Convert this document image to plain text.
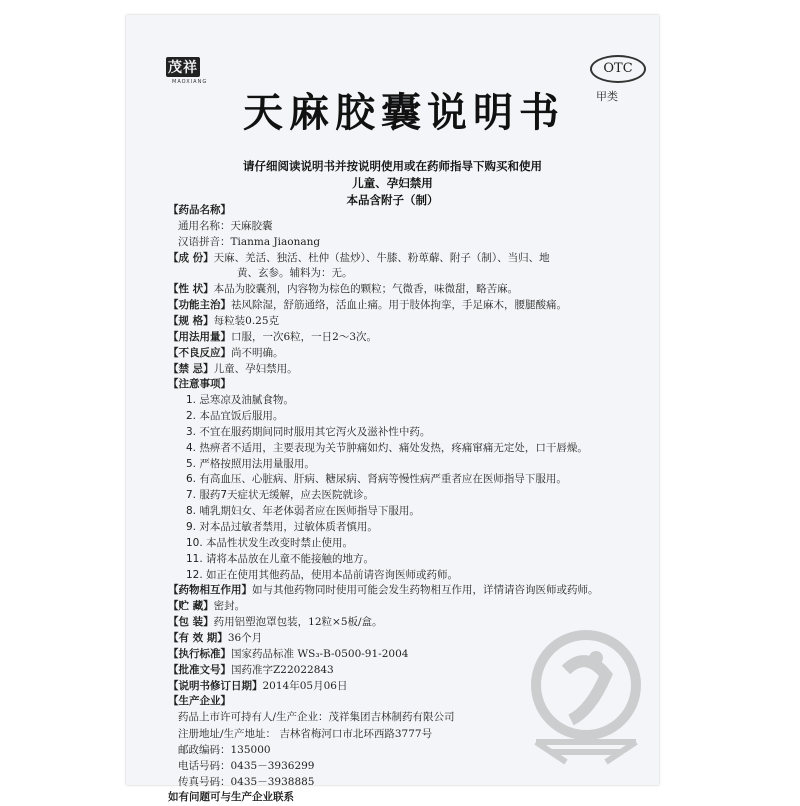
茂祥
MAOXIANG
OTC
甲类
天麻胶囊说明书
请仔细阅读说明书并按说明使用或在药师指导下购买和使用
儿童、孕妇禁用
本品含附子（制）
【药品名称】
通用名称：天麻胶囊
汉语拼音：Tianma Jiaonang
【成 份】天麻、羌活、独活、杜仲（盐炒）、牛膝、粉萆薢、附子（制）、当归、地
黄、玄参。辅料为：无。
【性 状】本品为胶囊剂，内容物为棕色的颗粒；气微香，味微甜，略苦麻。
【功能主治】祛风除湿，舒筋通络，活血止痛。用于肢体拘挛，手足麻木，腰腿酸痛。
【规 格】每粒装0.25克
【用法用量】口服，一次6粒，一日2～3次。
【不良反应】尚不明确。
【禁 忌】儿童、孕妇禁用。
【注意事项】
1. 忌寒凉及油腻食物。
2. 本品宜饭后服用。
3. 不宜在服药期间同时服用其它泻火及滋补性中药。
4. 热痹者不适用，主要表现为关节肿痛如灼、痛处发热，疼痛窜痛无定处，口干唇燥。
5. 严格按照用法用量服用。
6. 有高血压、心脏病、肝病、糖尿病、肾病等慢性病严重者应在医师指导下服用。
7. 服药7天症状无缓解，应去医院就诊。
8. 哺乳期妇女、年老体弱者应在医师指导下服用。
9. 对本品过敏者禁用，过敏体质者慎用。
10. 本品性状发生改变时禁止使用。
11. 请将本品放在儿童不能接触的地方。
12. 如正在使用其他药品，使用本品前请咨询医师或药师。
【药物相互作用】如与其他药物同时使用可能会发生药物相互作用，详情请咨询医师或药师。
【贮 藏】密封。
【包 装】药用铝塑泡罩包装，12粒×5板/盒。
【有 效 期】36个月
【执行标准】国家药品标准 WS₃-B-0500-91-2004
【批准文号】国药准字Z22022843
【说明书修订日期】2014年05月06日
【生产企业】
药品上市许可持有人/生产企业：茂祥集团吉林制药有限公司
注册地址/生产地址： 吉林省梅河口市北环西路3777号
邮政编码：135000
电话号码：0435－3936299
传真号码：0435－3938885
如有问题可与生产企业联系
